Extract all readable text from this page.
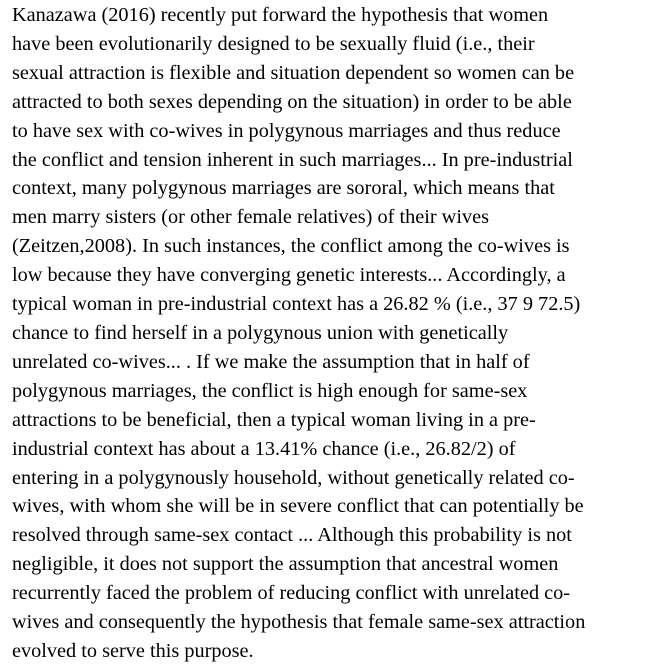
Kanazawa (2016) recently put forward the hypothesis that women
have been evolutionarily designed to be sexually fluid (i.e., their
sexual attraction is flexible and situation dependent so women can be
attracted to both sexes depending on the situation) in order to be able
to have sex with co-wives in polygynous marriages and thus reduce
the conflict and tension inherent in such marriages... In pre-industrial
context, many polygynous marriages are sororal, which means that
men marry sisters (or other female relatives) of their wives
(Zeitzen,2008). In such instances, the conflict among the co-wives is
low because they have converging genetic interests... Accordingly, a
typical woman in pre-industrial context has a 26.82 % (i.e., 37 9 72.5)
chance to find herself in a polygynous union with genetically
unrelated co-wives... . If we make the assumption that in half of
polygynous marriages, the conflict is high enough for same-sex
attractions to be beneficial, then a typical woman living in a pre-
industrial context has about a 13.41% chance (i.e., 26.82/2) of
entering in a polygynously household, without genetically related co-
wives, with whom she will be in severe conflict that can potentially be
resolved through same-sex contact ... Although this probability is not
negligible, it does not support the assumption that ancestral women
recurrently faced the problem of reducing conflict with unrelated co-
wives and consequently the hypothesis that female same-sex attraction
evolved to serve this purpose.
